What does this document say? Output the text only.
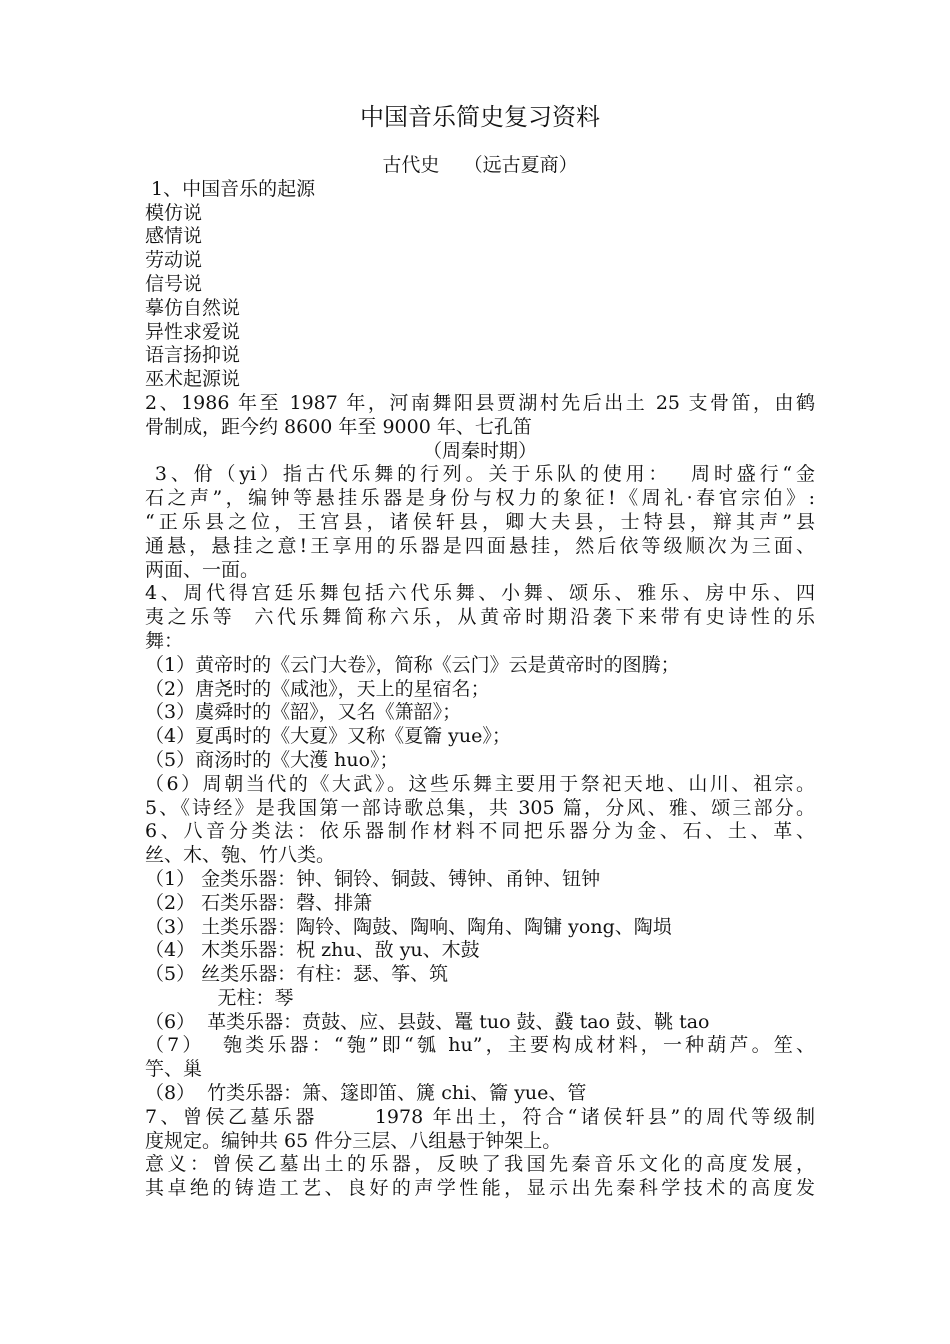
中国音乐简史复习资料
古代史    （远古夏商）
1、中国音乐的起源
模仿说
感情说
劳动说
信号说
摹仿自然说
异性求爱说
语言扬抑说
巫术起源说
2、1986 年至 1987 年，河南舞阳县贾湖村先后出土 25 支骨笛，由鹤
骨制成，距今约 8600 年至 9000 年、七孔笛
（周秦时期）
3、佾（yi）指古代乐舞的行列。关于乐队的使用：  周时盛行“金
石之声”，编钟等悬挂乐器是身份与权力的象征!《周礼·春官宗伯》:
“正乐县之位，王宫县，诸侯轩县，卿大夫县，士特县，辩其声”县
通悬，悬挂之意!王享用的乐器是四面悬挂，然后依等级顺次为三面、
两面、一面。
4、周代得宫廷乐舞包括六代乐舞、小舞、颂乐、雅乐、房中乐、四
夷之乐等  六代乐舞简称六乐，从黄帝时期沿袭下来带有史诗性的乐
舞：
（1）黄帝时的《云门大卷》，简称《云门》云是黄帝时的图腾；
（2）唐尧时的《咸池》，天上的星宿名；
（3）虞舜时的《韶》，又名《箫韶》；
（4）夏禹时的《大夏》又称《夏籥 yue》；
（5）商汤时的《大濩 huo》；
（6）周朝当代的《大武》。这些乐舞主要用于祭祀天地、山川、祖宗。
5、《诗经》是我国第一部诗歌总集，共 305 篇，分风、雅、颂三部分。
6、八音分类法：依乐器制作材料不同把乐器分为金、石、土、革、
丝、木、匏、竹八类。
（1） 金类乐器：钟、铜铃、铜鼓、镈钟、甬钟、钮钟
（2） 石类乐器：磬、排箫
（3） 土类乐器：陶铃、陶鼓、陶响、陶角、陶镛 yong、陶埙
（4） 木类乐器：柷 zhu、敔 yu、木鼓
（5） 丝类乐器：有柱：瑟、筝、筑
无柱：琴
（6）  革类乐器：贲鼓、应、县鼓、鼍 tuo 鼓、鼗 tao 鼓、鞉 tao
（7）  匏类乐器：“匏”即“瓠 hu”，主要构成材料，一种葫芦。笙、
竽、巢
（8）  竹类乐器：箫、篴即笛、篪 chi、籥 yue、管
7、曾侯乙墓乐器      1978 年出土，符合“诸侯轩县”的周代等级制
度规定。编钟共 65 件分三层、八组悬于钟架上。
意义：曾侯乙墓出土的乐器，反映了我国先秦音乐文化的高度发展，
其卓绝的铸造工艺、良好的声学性能，显示出先秦科学技术的高度发
